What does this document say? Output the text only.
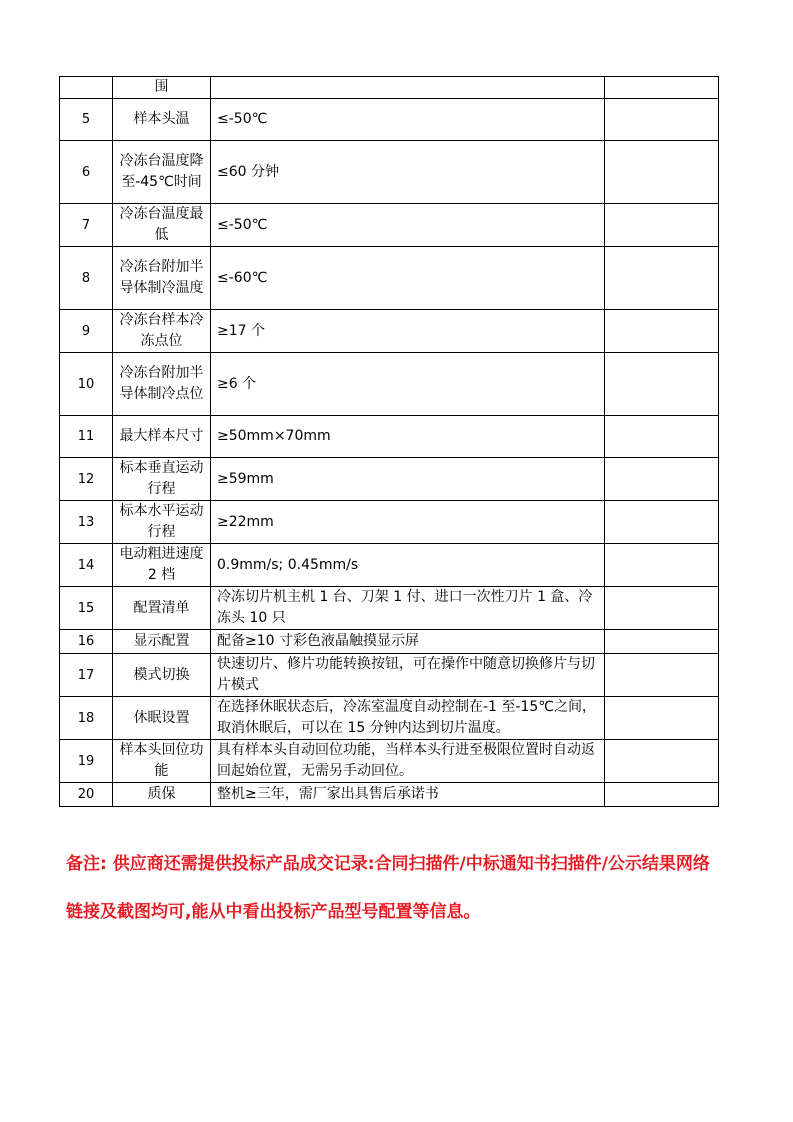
	围		
5	样本头温	≤-50℃	
6	冷冻台温度降至-45℃时间	≤60 分钟	
7	冷冻台温度最低	≤-50℃	
8	冷冻台附加半导体制冷温度	≤-60℃	
9	冷冻台样本冷冻点位	≥17 个	
10	冷冻台附加半导体制冷点位	≥6 个	
11	最大样本尺寸	≥50mm×70mm	
12	标本垂直运动行程	≥59mm	
13	标本水平运动行程	≥22mm	
14	电动粗进速度 2 档	0.9mm/s; 0.45mm/s	
15	配置清单	冷冻切片机主机 1 台、刀架 1 付、进口一次性刀片 1 盒、冷冻头 10 只	
16	显示配置	配备≥10 寸彩色液晶触摸显示屏	
17	模式切换	快速切片、修片功能转换按钮，可在操作中随意切换修片与切片模式	
18	休眠设置	在选择休眠状态后，冷冻室温度自动控制在-1 至-15℃之间，取消休眠后，可以在 15 分钟内达到切片温度。	
19	样本头回位功能	具有样本头自动回位功能，当样本头行进至极限位置时自动返回起始位置，无需另手动回位。	
20	质保	整机≥三年，需厂家出具售后承诺书	
备注: 供应商还需提供投标产品成交记录:合同扫描件/中标通知书扫描件/公示结果网络链接及截图均可,能从中看出投标产品型号配置等信息。
